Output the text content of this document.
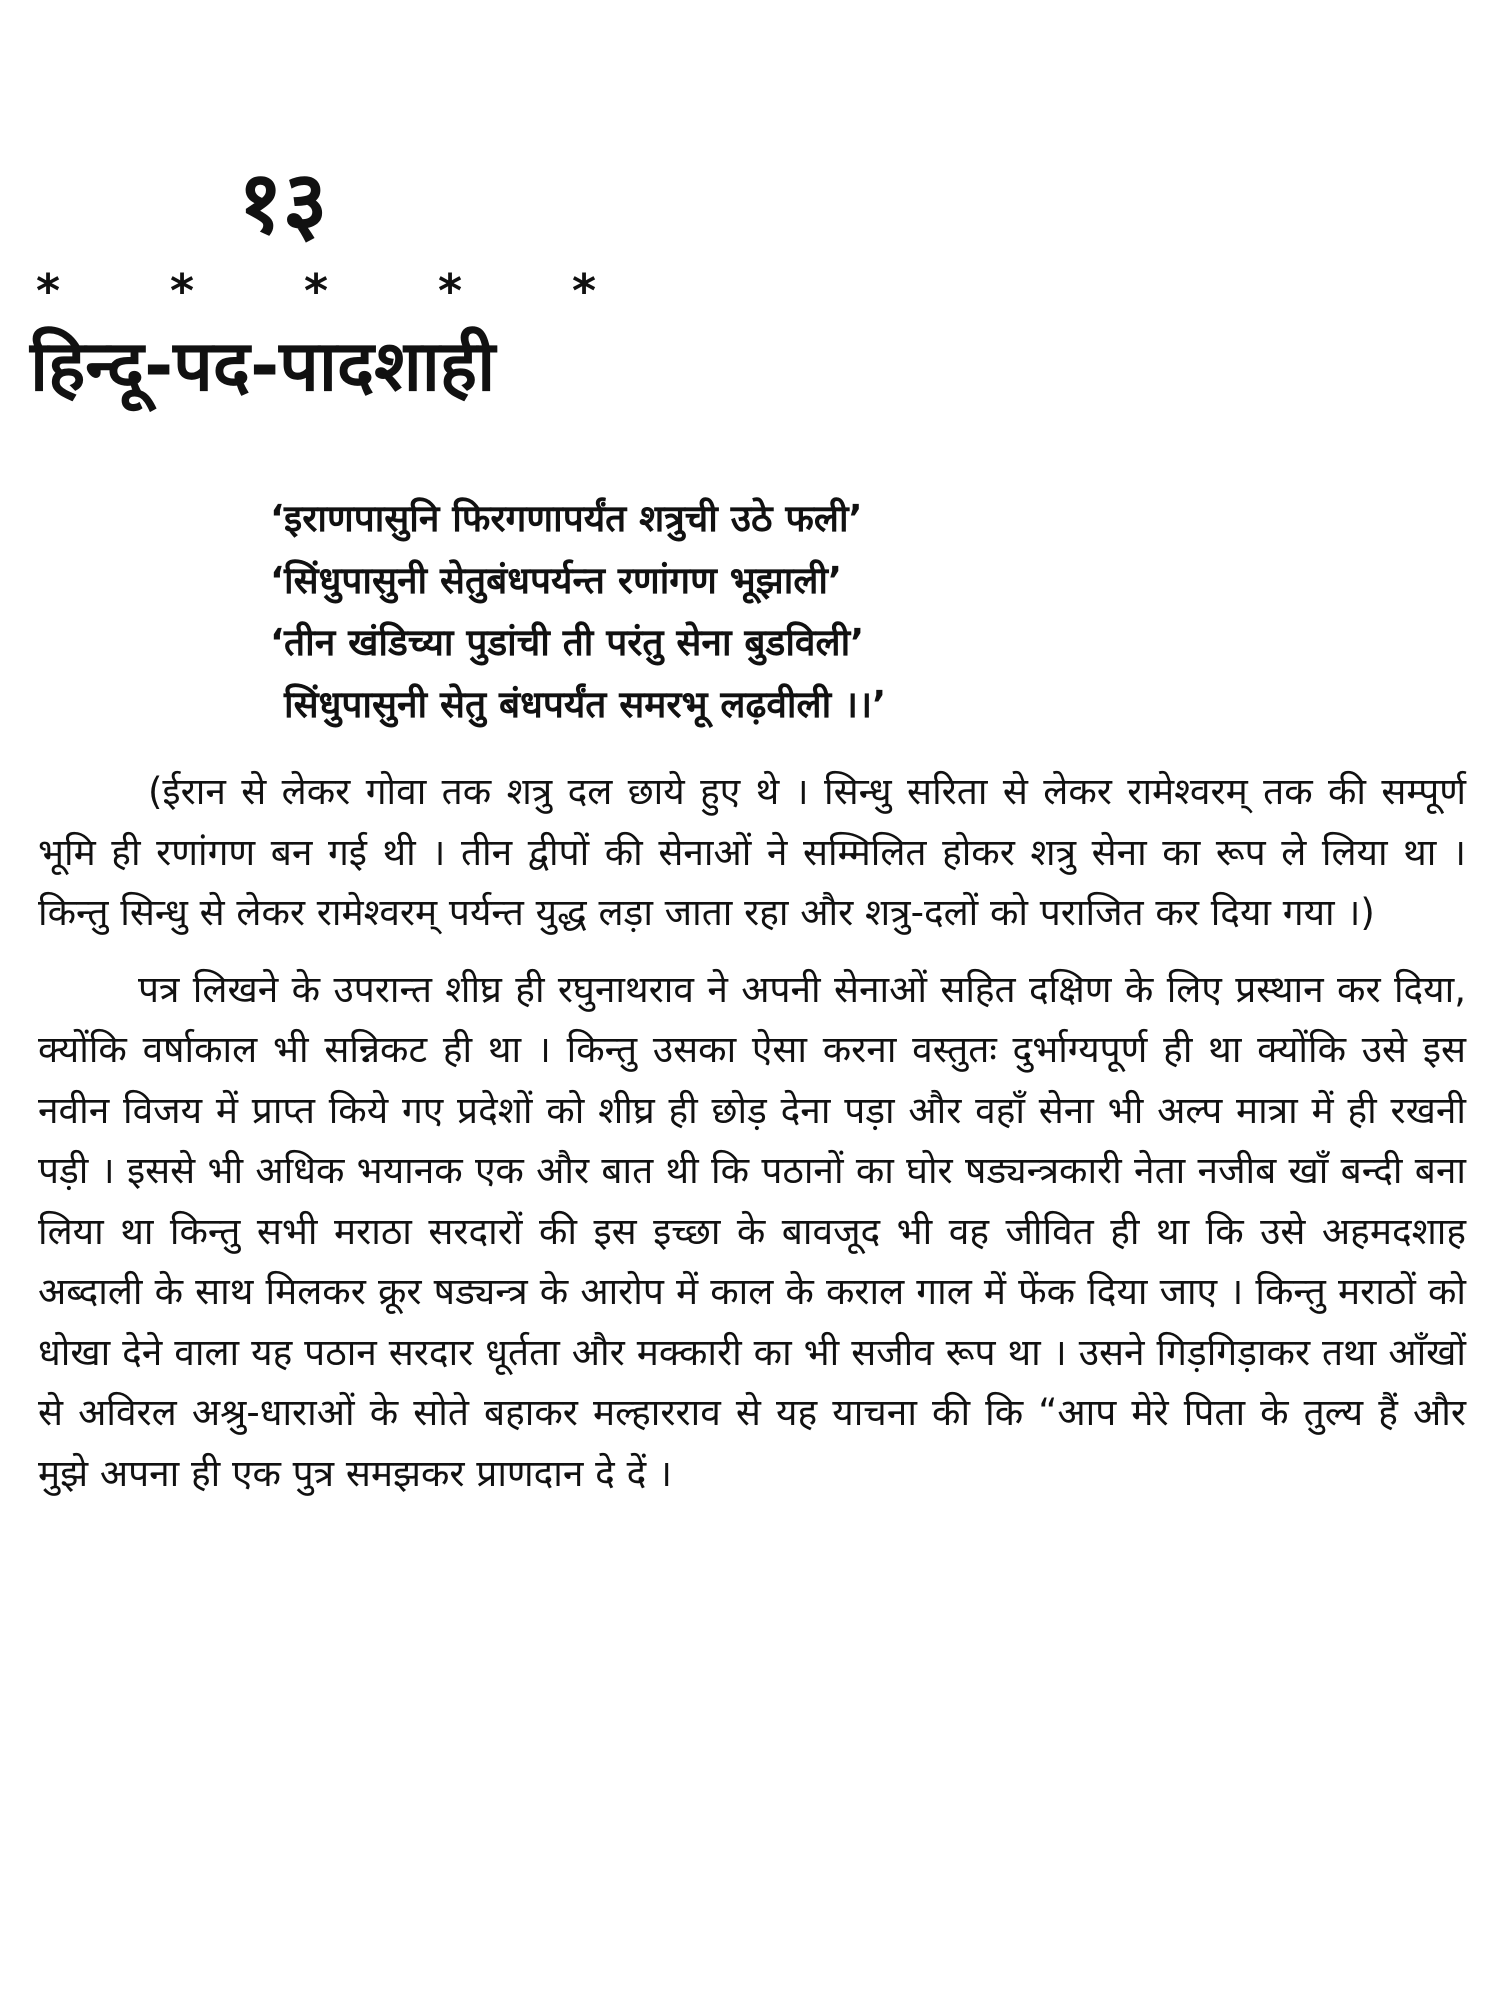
१३
* * * * *
हिन्दू-पद-पादशाही
‘इराणपासुनि फिरगणापर्यंत शत्रुची उठे फली’
‘सिंधुपासुनी सेतुबंधपर्यन्त रणांगण भूझाली’
‘तीन खंडिच्या पुडांची ती परंतु सेना बुडविली’
सिंधुपासुनी सेतु बंधपर्यंत समरभू लढ़वीली ।।’

(ईरान से लेकर गोवा तक शत्रु दल छाये हुए थे । सिन्धु सरिता से लेकर रामेश्वरम् तक की सम्पूर्ण भूमि ही रणांगण बन गई थी । तीन द्वीपों की सेनाओं ने सम्मिलित होकर शत्रु सेना का रूप ले लिया था । किन्तु सिन्धु से लेकर रामेश्वरम् पर्यन्त युद्ध लड़ा जाता रहा और शत्रु-दलों को पराजित कर दिया गया ।)

पत्र लिखने के उपरान्त शीघ्र ही रघुनाथराव ने अपनी सेनाओं सहित दक्षिण के लिए प्रस्थान कर दिया, क्योंकि वर्षाकाल भी सन्निकट ही था । किन्तु उसका ऐसा करना वस्तुतः दुर्भाग्यपूर्ण ही था क्योंकि उसे इस नवीन विजय में प्राप्त किये गए प्रदेशों को शीघ्र ही छोड़ देना पड़ा और वहाँ सेना भी अल्प मात्रा में ही रखनी पड़ी । इससे भी अधिक भयानक एक और बात थी कि पठानों का घोर षड्यन्त्रकारी नेता नजीब खाँ बन्दी बना लिया था किन्तु सभी मराठा सरदारों की इस इच्छा के बावजूद भी वह जीवित ही था कि उसे अहमदशाह अब्दाली के साथ मिलकर क्रूर षड्यन्त्र के आरोप में काल के कराल गाल में फेंक दिया जाए । किन्तु मराठों को धोखा देने वाला यह पठान सरदार धूर्तता और मक्कारी का भी सजीव रूप था । उसने गिड़गिड़ाकर तथा आँखों से अविरल अश्रु-धाराओं के सोते बहाकर मल्हारराव से यह याचना की कि “आप मेरे पिता के तुल्य हैं और मुझे अपना ही एक पुत्र समझकर प्राणदान दे दें ।
